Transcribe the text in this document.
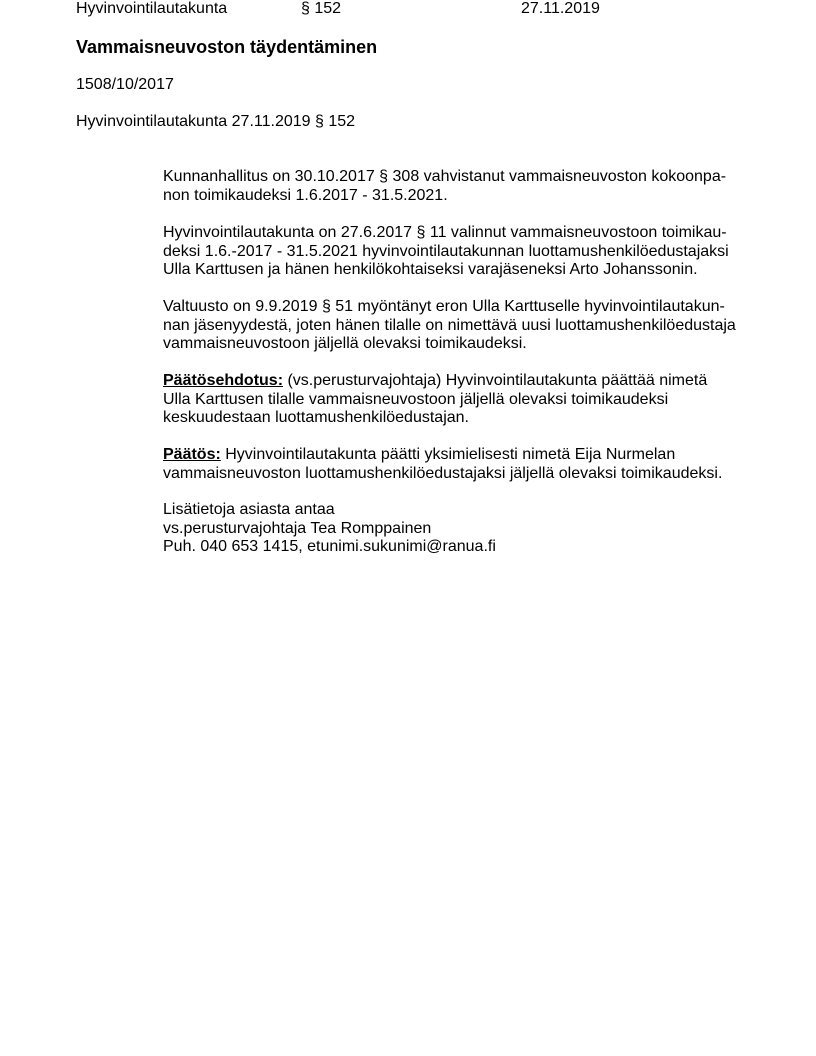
Hyvinvointilautakunta	§ 152	27.11.2019
Vammaisneuvoston täydentäminen
1508/10/2017
Hyvinvointilautakunta 27.11.2019 § 152

Kunnanhallitus on 30.10.2017 § 308 vahvistanut vammaisneuvoston kokoonpa-
non toimikaudeksi 1.6.2017 - 31.5.2021.

Hyvinvointilautakunta on 27.6.2017 § 11 valinnut vammaisneuvostoon toimikau-
deksi 1.6.-2017 - 31.5.2021 hyvinvointilautakunnan luottamushenkilöedustajaksi
Ulla Karttusen ja hänen henkilökohtaiseksi varajäseneksi Arto Johanssonin.

Valtuusto on 9.9.2019 § 51 myöntänyt eron Ulla Karttuselle hyvinvointilautakun-
nan jäsenyydestä, joten hänen tilalle on nimettävä uusi luottamushenkilöedustaja
vammaisneuvostoon jäljellä olevaksi toimikaudeksi.

Päätösehdotus: (vs.perusturvajohtaja) Hyvinvointilautakunta päättää nimetä
Ulla Karttusen tilalle vammaisneuvostoon jäljellä olevaksi toimikaudeksi
keskuudestaan luottamushenkilöedustajan.

Päätös: Hyvinvointilautakunta päätti yksimielisesti nimetä Eija Nurmelan
vammaisneuvoston luottamushenkilöedustajaksi jäljellä olevaksi toimikaudeksi.

Lisätietoja asiasta antaa
vs.perusturvajohtaja Tea Romppainen
Puh. 040 653 1415, etunimi.sukunimi@ranua.fi
